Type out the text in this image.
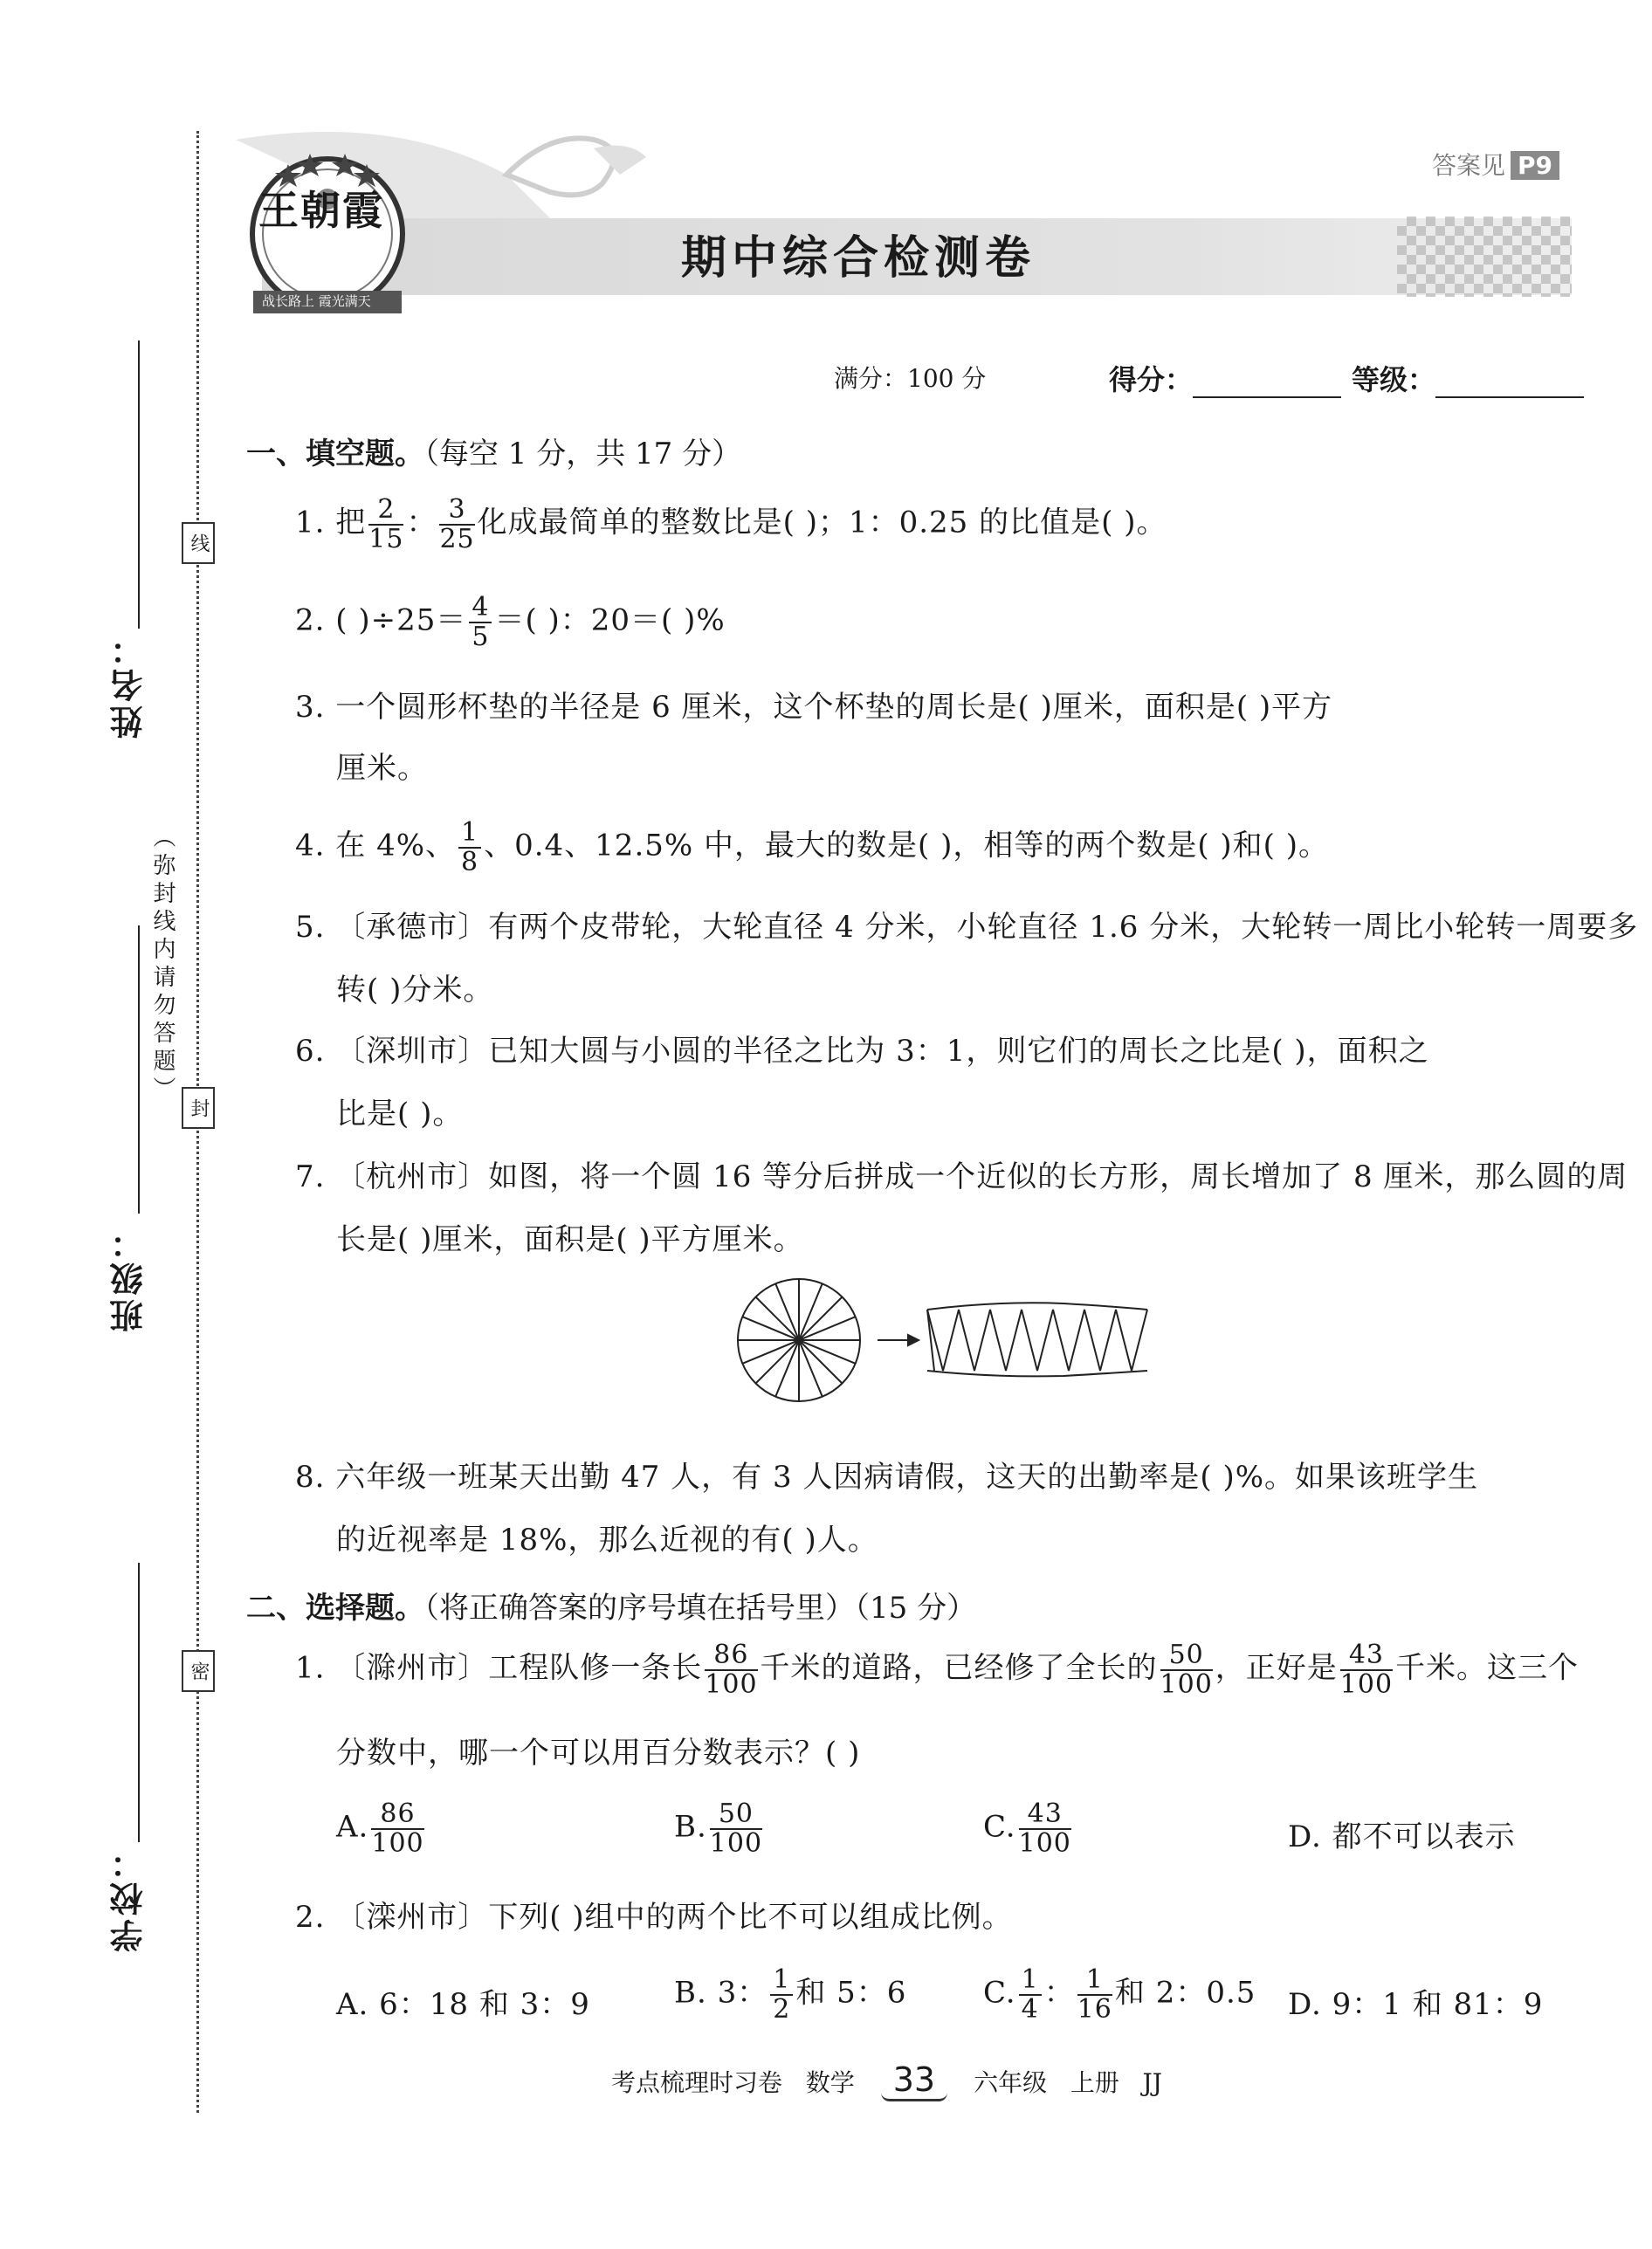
线
封
密
姓名：
班级：
学校：
（弥封线内请勿答题）
答案见 P9
王朝霞
战长路上 霞光满天
期中综合检测卷
满分：100 分	得分：	等级：
一、填空题。（每空 1 分，共 17 分）
1. 把 $\frac{2}{15}$ ： $\frac{3}{25}$ 化成最简单的整数比是( )；1：0.25 的比值是( )。
2. ( )$\div 25= \frac{4}{5}$ ＝( )：20＝( )%
3. 一个圆形杯垫的半径是 6 厘米，这个杯垫的周长是( )厘米，面积是( )平方
厘米。
4. 在 4%、 $\frac{1}{8}$ 、0.4、12.5% 中，最大的数是( )，相等的两个数是( )和( )。
5. 〔承德市〕有两个皮带轮，大轮直径 4 分米，小轮直径 1.6 分米，大轮转一周比小轮转一周要多
转( )分米。
6. 〔深圳市〕已知大圆与小圆的半径之比为 3：1，则它们的周长之比是( )，面积之
比是( )。
7. 〔杭州市〕如图，将一个圆 16 等分后拼成一个近似的长方形，周长增加了 8 厘米，那么圆的周
长是( )厘米，面积是( )平方厘米。
8. 六年级一班某天出勤 47 人，有 3 人因病请假，这天的出勤率是( )%。如果该班学生
的近视率是 18%，那么近视的有( )人。
二、选择题。（将正确答案的序号填在括号里）（15 分）
1. 〔滁州市〕工程队修一条长 $\frac{86}{100}$ 千米的道路，已经修了全长的 $\frac{50}{100}$ ，正好是 $\frac{43}{100}$ 千米。这三个
分数中，哪一个可以用百分数表示？( )
A. $\frac{86}{100}$	B. $\frac{50}{100}$	C. $\frac{43}{100}$	D. 都不可以表示
2. 〔滦州市〕下列( )组中的两个比不可以组成比例。
A. 6：18 和 3：9	B. 3： $\frac{1}{2}$ 和 5：6	C. $\frac{1}{4}$ ： $\frac{1}{16}$ 和 2：0.5 D. 9：1 和 81：9
考点梳理时习卷 数学 33 六年级 上册 JJ
